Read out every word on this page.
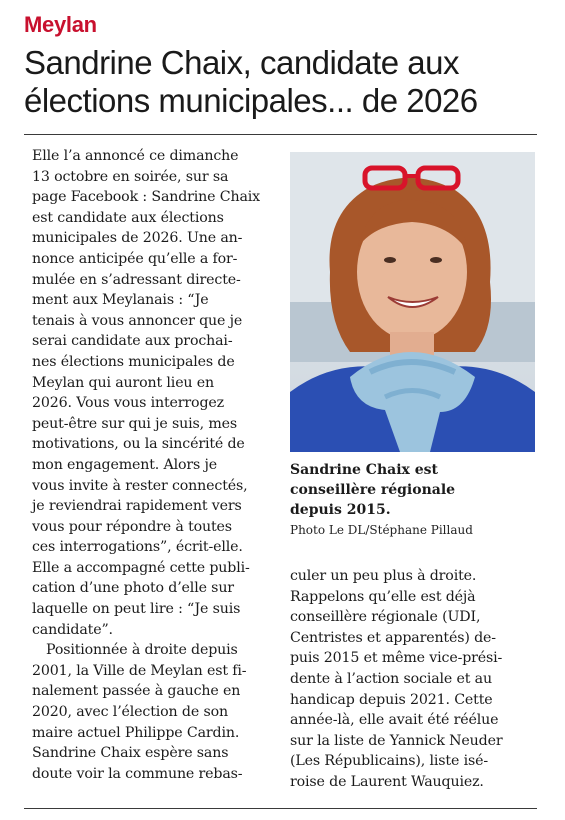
Meylan
Sandrine Chaix, candidate aux
élections municipales... de 2026

Elle l’a annoncé ce dimanche
13 octobre en soirée, sur sa
page Facebook : Sandrine Chaix
est candidate aux élections
municipales de 2026. Une an-
nonce anticipée qu’elle a for-
mulée en s’adressant directe-
ment aux Meylanais : “Je
tenais à vous annoncer que je
serai candidate aux prochai-
nes élections municipales de
Meylan qui auront lieu en
2026. Vous vous interrogez
peut-être sur qui je suis, mes
motivations, ou la sincérité de
mon engagement. Alors je
vous invite à rester connectés,
je reviendrai rapidement vers
vous pour répondre à toutes
ces interrogations”, écrit-elle.
Elle a accompagné cette publi-
cation d’une photo d’elle sur
laquelle on peut lire : “Je suis
candidate”.

Positionnée à droite depuis
2001, la Ville de Meylan est fi-
nalement passée à gauche en
2020, avec l’élection de son
maire actuel Philippe Cardin.
Sandrine Chaix espère sans
doute voir la commune rebas-

Sandrine Chaix est
conseillère régionale
depuis 2015.
Photo Le DL/Stéphane Pillaud

culer un peu plus à droite.
Rappelons qu’elle est déjà
conseillère régionale (UDI,
Centristes et apparentés) de-
puis 2015 et même vice-prési-
dente à l’action sociale et au
handicap depuis 2021. Cette
année-là, elle avait été réélue
sur la liste de Yannick Neuder
(Les Républicains), liste isé-
roise de Laurent Wauquiez.
